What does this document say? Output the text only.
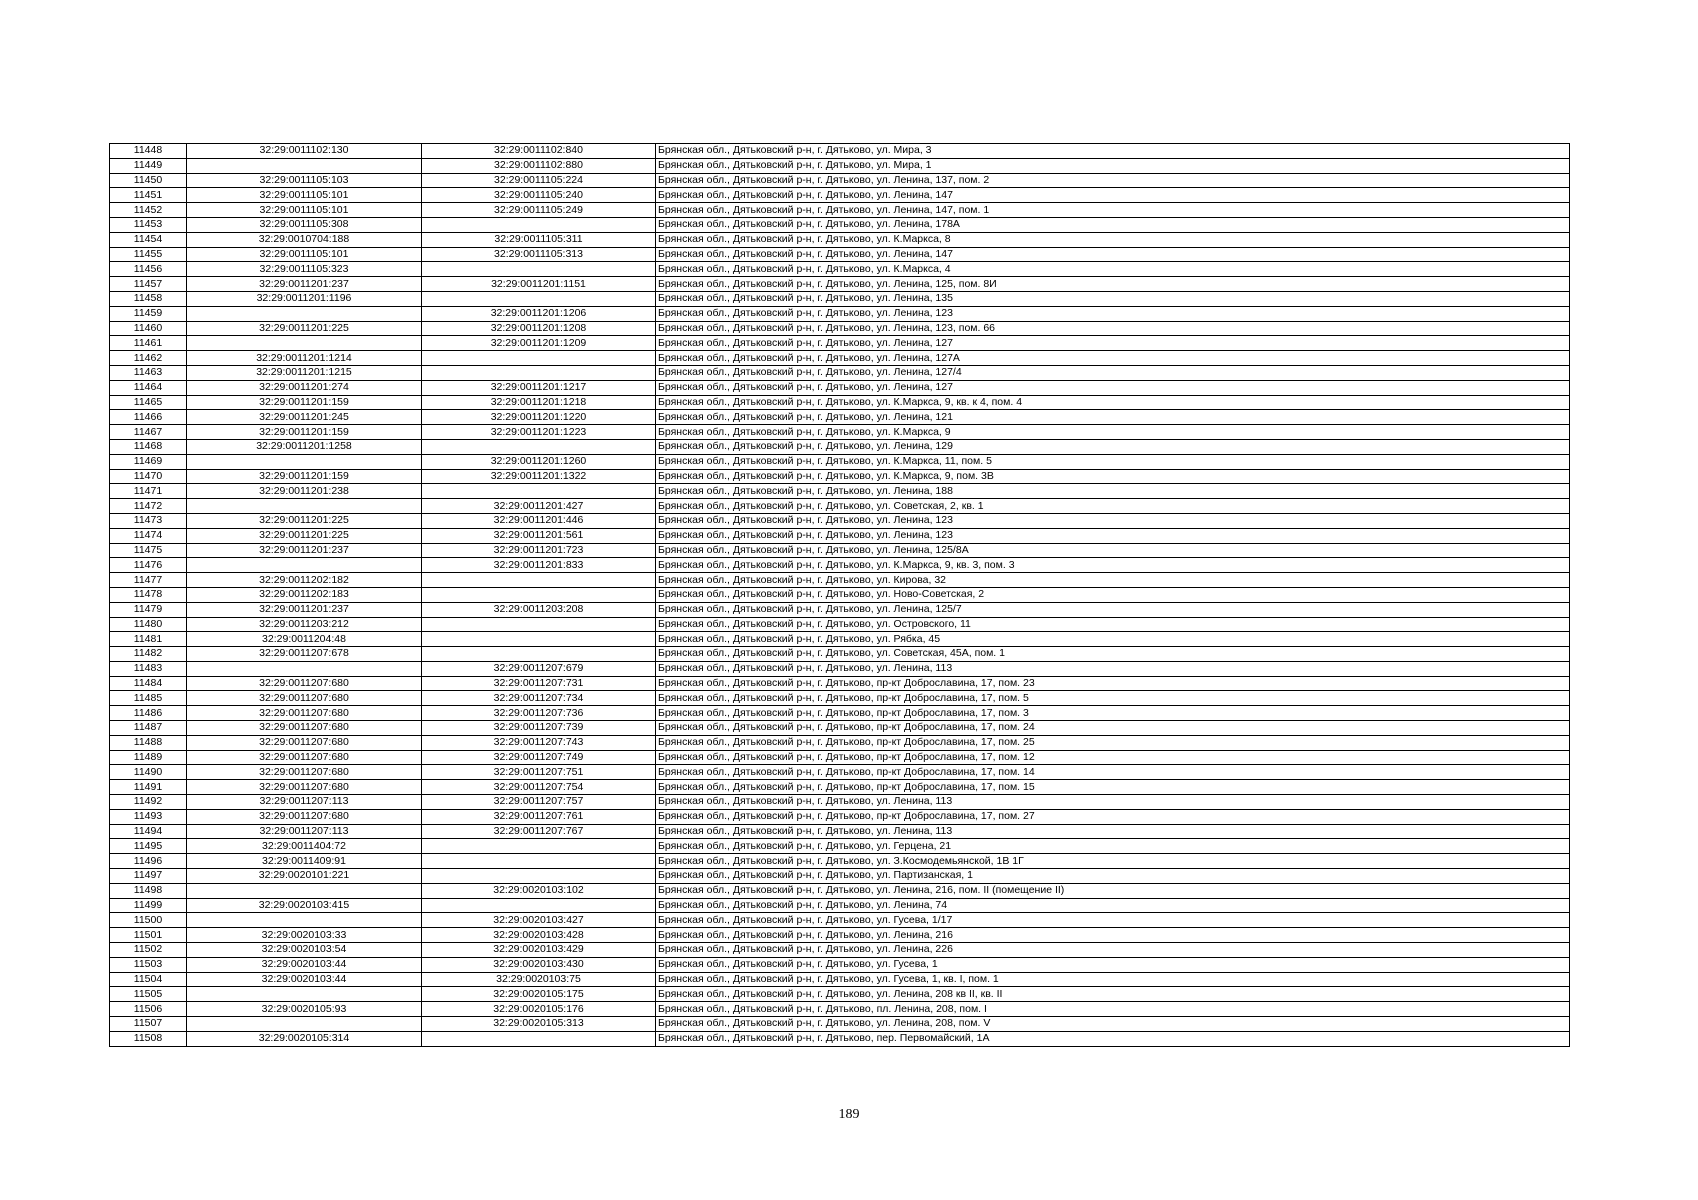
11448	32:29:0011102:130	32:29:0011102:840	Брянская обл., Дятьковский р-н, г. Дятьково, ул. Мира, 3
11449		32:29:0011102:880	Брянская обл., Дятьковский р-н, г. Дятьково, ул. Мира, 1
11450	32:29:0011105:103	32:29:0011105:224	Брянская обл., Дятьковский р-н, г. Дятьково, ул. Ленина, 137, пом. 2
11451	32:29:0011105:101	32:29:0011105:240	Брянская обл., Дятьковский р-н, г. Дятьково, ул. Ленина, 147
11452	32:29:0011105:101	32:29:0011105:249	Брянская обл., Дятьковский р-н, г. Дятьково, ул. Ленина, 147, пом. 1
11453	32:29:0011105:308		Брянская обл., Дятьковский р-н, г. Дятьково, ул. Ленина, 178А
11454	32:29:0010704:188	32:29:0011105:311	Брянская обл., Дятьковский р-н, г. Дятьково, ул. К.Маркса, 8
11455	32:29:0011105:101	32:29:0011105:313	Брянская обл., Дятьковский р-н, г. Дятьково, ул. Ленина, 147
11456	32:29:0011105:323		Брянская обл., Дятьковский р-н, г. Дятьково, ул. К.Маркса, 4
11457	32:29:0011201:237	32:29:0011201:1151	Брянская обл., Дятьковский р-н, г. Дятьково, ул. Ленина, 125, пом. 8И
11458	32:29:0011201:1196		Брянская обл., Дятьковский р-н, г. Дятьково, ул. Ленина, 135
11459		32:29:0011201:1206	Брянская обл., Дятьковский р-н, г. Дятьково, ул. Ленина, 123
11460	32:29:0011201:225	32:29:0011201:1208	Брянская обл., Дятьковский р-н, г. Дятьково, ул. Ленина, 123, пом. 66
11461		32:29:0011201:1209	Брянская обл., Дятьковский р-н, г. Дятьково, ул. Ленина, 127
11462	32:29:0011201:1214		Брянская обл., Дятьковский р-н, г. Дятьково, ул. Ленина, 127А
11463	32:29:0011201:1215		Брянская обл., Дятьковский р-н, г. Дятьково, ул. Ленина, 127/4
11464	32:29:0011201:274	32:29:0011201:1217	Брянская обл., Дятьковский р-н, г. Дятьково, ул. Ленина, 127
11465	32:29:0011201:159	32:29:0011201:1218	Брянская обл., Дятьковский р-н, г. Дятьково, ул. К.Маркса, 9, кв. к 4, пом. 4
11466	32:29:0011201:245	32:29:0011201:1220	Брянская обл., Дятьковский р-н, г. Дятьково, ул. Ленина, 121
11467	32:29:0011201:159	32:29:0011201:1223	Брянская обл., Дятьковский р-н, г. Дятьково, ул. К.Маркса, 9
11468	32:29:0011201:1258		Брянская обл., Дятьковский р-н, г. Дятьково, ул. Ленина, 129
11469		32:29:0011201:1260	Брянская обл., Дятьковский р-н, г. Дятьково, ул. К.Маркса, 11, пом. 5
11470	32:29:0011201:159	32:29:0011201:1322	Брянская обл., Дятьковский р-н, г. Дятьково, ул. К.Маркса, 9, пом. 3В
11471	32:29:0011201:238		Брянская обл., Дятьковский р-н, г. Дятьково, ул. Ленина, 188
11472		32:29:0011201:427	Брянская обл., Дятьковский р-н, г. Дятьково, ул. Советская, 2, кв. 1
11473	32:29:0011201:225	32:29:0011201:446	Брянская обл., Дятьковский р-н, г. Дятьково, ул. Ленина, 123
11474	32:29:0011201:225	32:29:0011201:561	Брянская обл., Дятьковский р-н, г. Дятьково, ул. Ленина, 123
11475	32:29:0011201:237	32:29:0011201:723	Брянская обл., Дятьковский р-н, г. Дятьково, ул. Ленина, 125/8А
11476		32:29:0011201:833	Брянская обл., Дятьковский р-н, г. Дятьково, ул. К.Маркса, 9, кв. 3, пом. 3
11477	32:29:0011202:182		Брянская обл., Дятьковский р-н, г. Дятьково, ул. Кирова, 32
11478	32:29:0011202:183		Брянская обл., Дятьковский р-н, г. Дятьково, ул. Ново-Советская, 2
11479	32:29:0011201:237	32:29:0011203:208	Брянская обл., Дятьковский р-н, г. Дятьково, ул. Ленина, 125/7
11480	32:29:0011203:212		Брянская обл., Дятьковский р-н, г. Дятьково, ул. Островского, 11
11481	32:29:0011204:48		Брянская обл., Дятьковский р-н, г. Дятьково, ул. Рябка, 45
11482	32:29:0011207:678		Брянская обл., Дятьковский р-н, г. Дятьково, ул. Советская, 45А, пом. 1
11483		32:29:0011207:679	Брянская обл., Дятьковский р-н, г. Дятьково, ул. Ленина, 113
11484	32:29:0011207:680	32:29:0011207:731	Брянская обл., Дятьковский р-н, г. Дятьково, пр-кт Доброславина, 17, пом. 23
11485	32:29:0011207:680	32:29:0011207:734	Брянская обл., Дятьковский р-н, г. Дятьково, пр-кт Доброславина, 17, пом. 5
11486	32:29:0011207:680	32:29:0011207:736	Брянская обл., Дятьковский р-н, г. Дятьково, пр-кт Доброславина, 17, пом. 3
11487	32:29:0011207:680	32:29:0011207:739	Брянская обл., Дятьковский р-н, г. Дятьково, пр-кт Доброславина, 17, пом. 24
11488	32:29:0011207:680	32:29:0011207:743	Брянская обл., Дятьковский р-н, г. Дятьково, пр-кт Доброславина, 17, пом. 25
11489	32:29:0011207:680	32:29:0011207:749	Брянская обл., Дятьковский р-н, г. Дятьково, пр-кт Доброславина, 17, пом. 12
11490	32:29:0011207:680	32:29:0011207:751	Брянская обл., Дятьковский р-н, г. Дятьково, пр-кт Доброславина, 17, пом. 14
11491	32:29:0011207:680	32:29:0011207:754	Брянская обл., Дятьковский р-н, г. Дятьково, пр-кт Доброславина, 17, пом. 15
11492	32:29:0011207:113	32:29:0011207:757	Брянская обл., Дятьковский р-н, г. Дятьково, ул. Ленина, 113
11493	32:29:0011207:680	32:29:0011207:761	Брянская обл., Дятьковский р-н, г. Дятьково, пр-кт Доброславина, 17, пом. 27
11494	32:29:0011207:113	32:29:0011207:767	Брянская обл., Дятьковский р-н, г. Дятьково, ул. Ленина, 113
11495	32:29:0011404:72		Брянская обл., Дятьковский р-н, г. Дятьково, ул. Герцена, 21
11496	32:29:0011409:91		Брянская обл., Дятьковский р-н, г. Дятьково, ул. З.Космодемьянской, 1В 1Г
11497	32:29:0020101:221		Брянская обл., Дятьковский р-н, г. Дятьково, ул. Партизанская, 1
11498		32:29:0020103:102	Брянская обл., Дятьковский р-н, г. Дятьково, ул. Ленина, 216, пом. II (помещение II)
11499	32:29:0020103:415		Брянская обл., Дятьковский р-н, г. Дятьково, ул. Ленина, 74
11500		32:29:0020103:427	Брянская обл., Дятьковский р-н, г. Дятьково, ул. Гусева, 1/17
11501	32:29:0020103:33	32:29:0020103:428	Брянская обл., Дятьковский р-н, г. Дятьково, ул. Ленина, 216
11502	32:29:0020103:54	32:29:0020103:429	Брянская обл., Дятьковский р-н, г. Дятьково, ул. Ленина, 226
11503	32:29:0020103:44	32:29:0020103:430	Брянская обл., Дятьковский р-н, г. Дятьково, ул. Гусева, 1
11504	32:29:0020103:44	32:29:0020103:75	Брянская обл., Дятьковский р-н, г. Дятьково, ул. Гусева, 1, кв. I, пом. 1
11505		32:29:0020105:175	Брянская обл., Дятьковский р-н, г. Дятьково, ул. Ленина, 208 кв II, кв. II
11506	32:29:0020105:93	32:29:0020105:176	Брянская обл., Дятьковский р-н, г. Дятьково, пл. Ленина, 208, пом. I
11507		32:29:0020105:313	Брянская обл., Дятьковский р-н, г. Дятьково, ул. Ленина, 208, пом. V
11508	32:29:0020105:314		Брянская обл., Дятьковский р-н, г. Дятьково, пер. Первомайский, 1А
189
